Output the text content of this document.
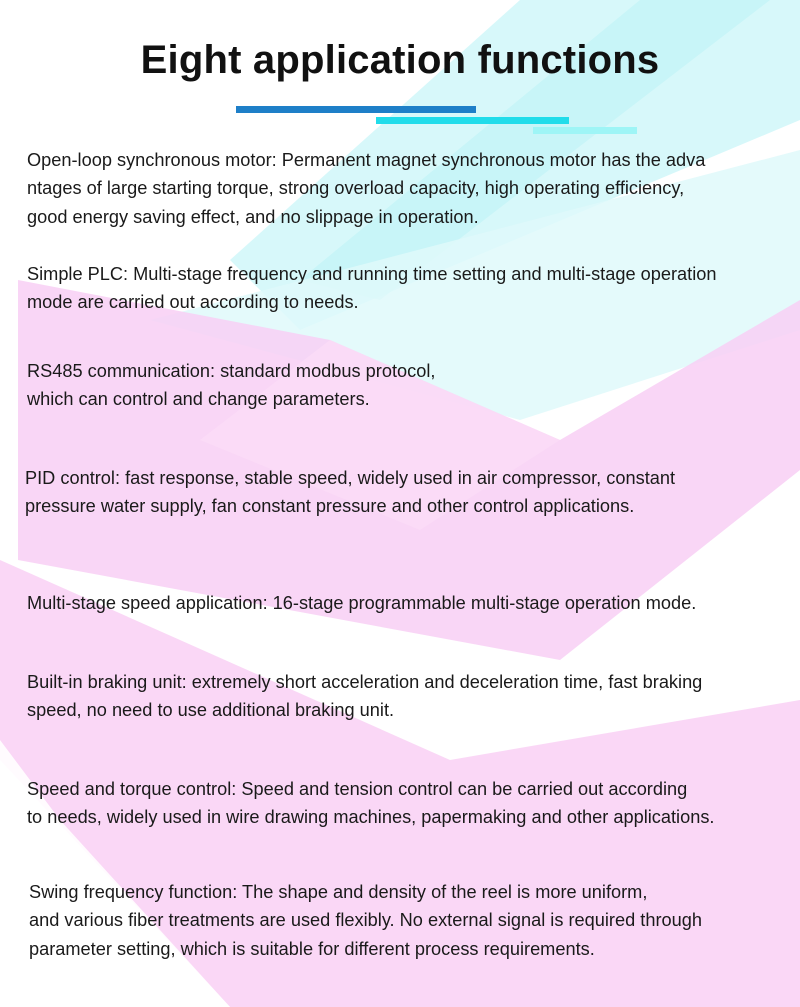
Eight application functions
Open-loop synchronous motor: Permanent magnet synchronous motor has the adva
ntages of large starting torque, strong overload capacity, high operating efficiency,
good energy saving effect, and no slippage in operation.
Simple PLC: Multi-stage frequency and running time setting and multi-stage operation
mode are carried out according to needs.
RS485 communication: standard modbus protocol,
which can control and change parameters.
PID control: fast response, stable speed, widely used in air compressor, constant
pressure water supply, fan constant pressure and other control applications.
Multi-stage speed application: 16-stage programmable multi-stage operation mode.
Built-in braking unit: extremely short acceleration and deceleration time, fast braking
speed, no need to use additional braking unit.
Speed and torque control: Speed and tension control can be carried out according
to needs, widely used in wire drawing machines, papermaking and other applications.
Swing frequency function: The shape and density of the reel is more uniform,
and various fiber treatments are used flexibly. No external signal is required through
parameter setting, which is suitable for different process requirements.
